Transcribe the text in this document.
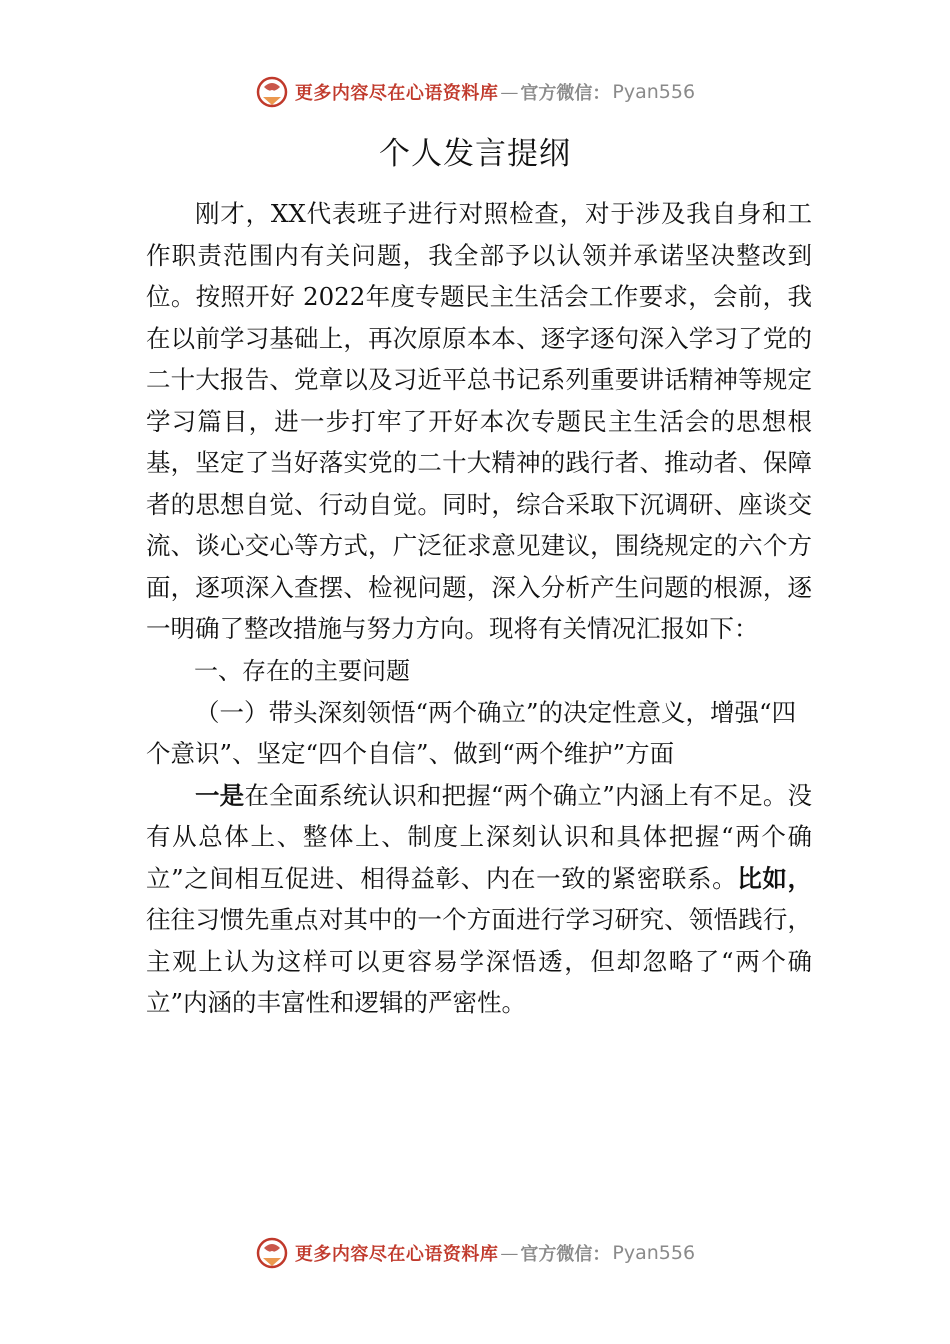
更多内容尽在心语资料库 — 官方微信： Pyan556
个人发言提纲

刚才，XX代表班子进行对照检查，对于涉及我自身和工作职责范围内有关问题，我全部予以认领并承诺坚决整改到位。按照开好 2022年度专题民主生活会工作要求，会前，我在以前学习基础上，再次原原本本、逐字逐句深入学习了党的二十大报告、党章以及习近平总书记系列重要讲话精神等规定学习篇目，进一步打牢了开好本次专题民主生活会的思想根基，坚定了当好落实党的二十大精神的践行者、推动者、保障者的思想自觉、行动自觉。同时，综合采取下沉调研、座谈交流、谈心交心等方式，广泛征求意见建议，围绕规定的六个方面，逐项深入查摆、检视问题，深入分析产生问题的根源，逐一明确了整改措施与努力方向。现将有关情况汇报如下：

一、存在的主要问题

（一）带头深刻领悟“两个确立”的决定性意义，增强“四个意识”、坚定“四个自信”、做到“两个维护”方面

一是在全面系统认识和把握“两个确立”内涵上有不足。没有从总体上、整体上、制度上深刻认识和具体把握“两个确立”之间相互促进、相得益彰、内在一致的紧密联系。比如，往往习惯先重点对其中的一个方面进行学习研究、领悟践行，主观上认为这样可以更容易学深悟透，但却忽略了“两个确立”内涵的丰富性和逻辑的严密性。

更多内容尽在心语资料库 — 官方微信： Pyan556
